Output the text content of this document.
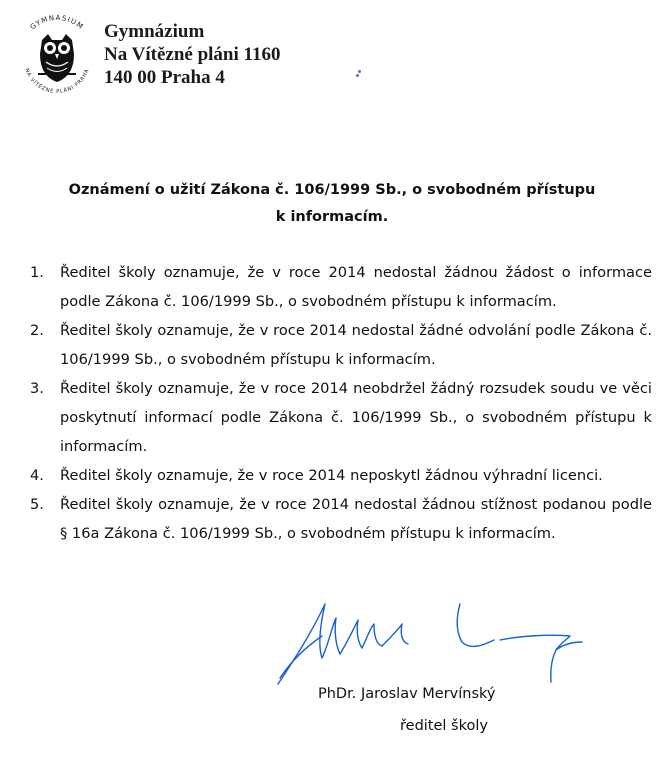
GYMNASIUM
NA VÍTĚZNÉ PLÁNI PRAHA
Gymnázium
Na Vítězné pláni 1160
140 00 Praha 4
Oznámení o užití Zákona č. 106/1999 Sb., o svobodném přístupu
k informacím.
1.	Ředitel školy oznamuje, že v roce 2014 nedostal žádnou žádost o informace podle Zákona č. 106/1999 Sb., o svobodném přístupu k informacím.
2.	Ředitel školy oznamuje, že v roce 2014 nedostal žádné odvolání podle Zákona č. 106/1999 Sb., o svobodném přístupu k informacím.
3.	Ředitel školy oznamuje, že v roce 2014 neobdržel žádný rozsudek soudu ve věci poskytnutí informací podle Zákona č. 106/1999 Sb., o svobodném přístupu k informacím.
4.	Ředitel školy oznamuje, že v roce 2014 neposkytl žádnou výhradní licenci.
5.	Ředitel školy oznamuje, že v roce 2014 nedostal žádnou stížnost podanou podle § 16a Zákona č. 106/1999 Sb., o svobodném přístupu k informacím.
PhDr. Jaroslav Mervínský
ředitel školy
